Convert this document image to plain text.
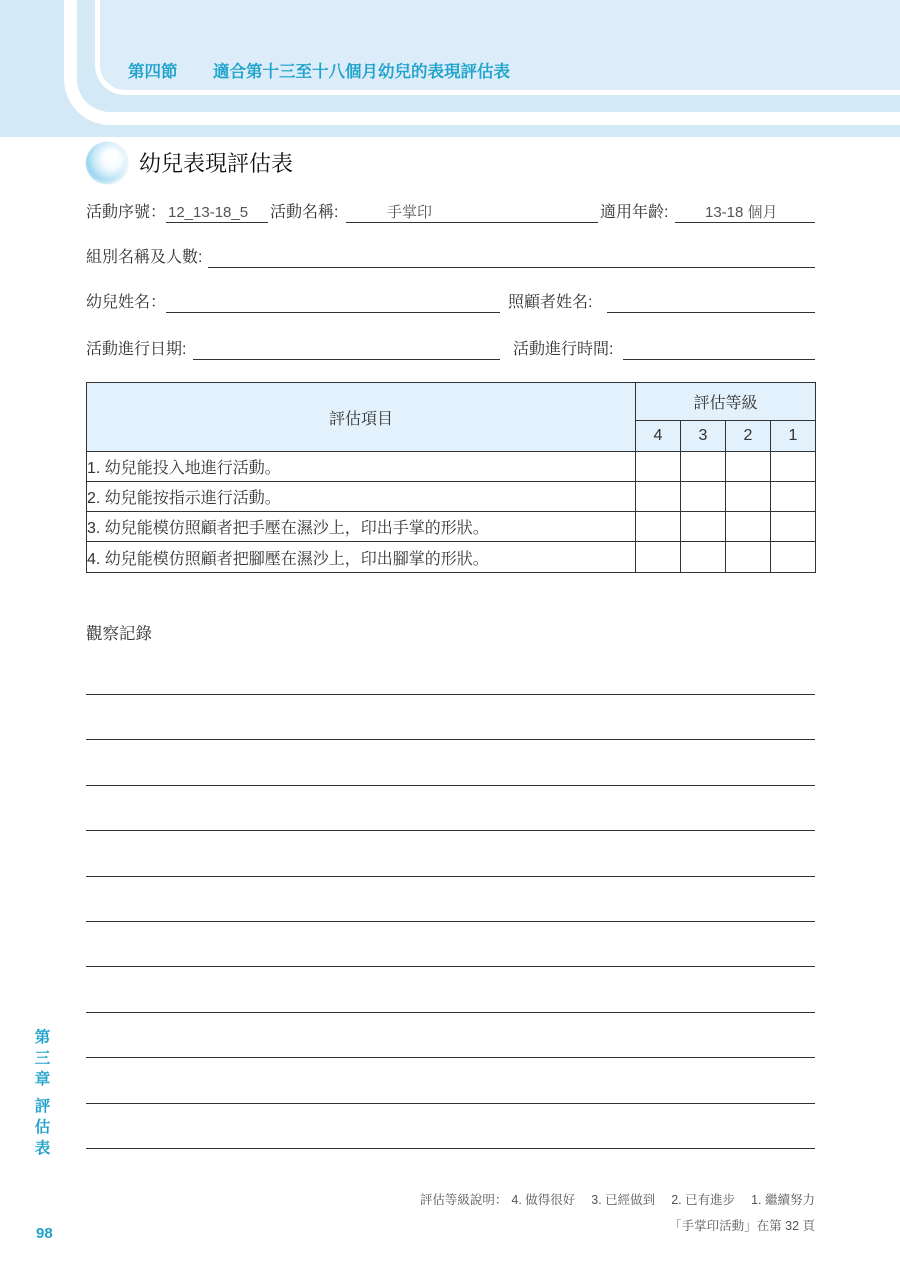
第四節 適合第十三至十八個月幼兒的表現評估表
幼兒表現評估表
活動序號： 12_13-18_5 活動名稱:	手掌印	適用年齡: 13-18 個月
組別名稱及人數:
幼兒姓名：	照顧者姓名:
活動進行日期:	活動進行時間:
評估項目	評估等級			
	4	3	2	1
1. 幼兒能投入地進行活動。				
2. 幼兒能按指示進行活動。				
3. 幼兒能模仿照顧者把手壓在濕沙上，印出手掌的形狀。				
4. 幼兒能模仿照顧者把腳壓在濕沙上，印出腳掌的形狀。				
觀察記錄
第三章
評估表
98
評估等級說明： 4. 做得很好 3. 已經做到 2. 已有進步 1. 繼續努力
「手掌印活動」在第 32 頁
